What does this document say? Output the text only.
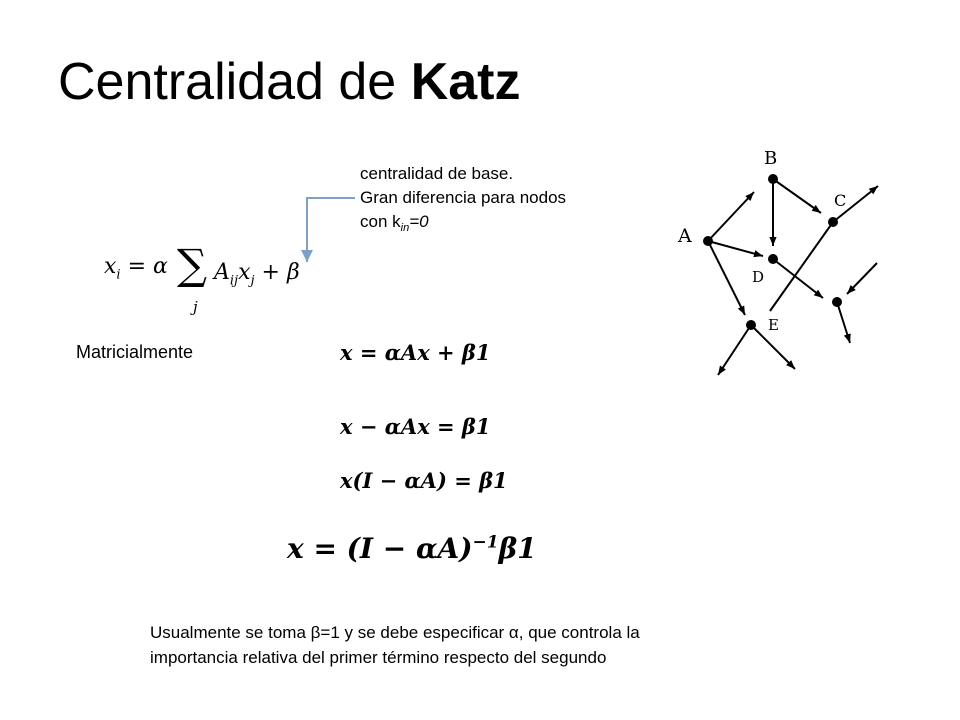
Centralidad de Katz
centralidad de base.
Gran diferencia para nodos
con $k_{in}=0$
$x_i = \alpha$ ∑
j
$A_{ij}x_j + \beta$
Matricialmente	x = αAx + β1
x − αAx = β1
x(I − αA) = β1
$x = (I - \alpha A)^{-1}\beta 1$
Usualmente se toma β=1 y se debe especificar α, que controla la
importancia relativa del primer término respecto del segundo
B
C
A
D
E
